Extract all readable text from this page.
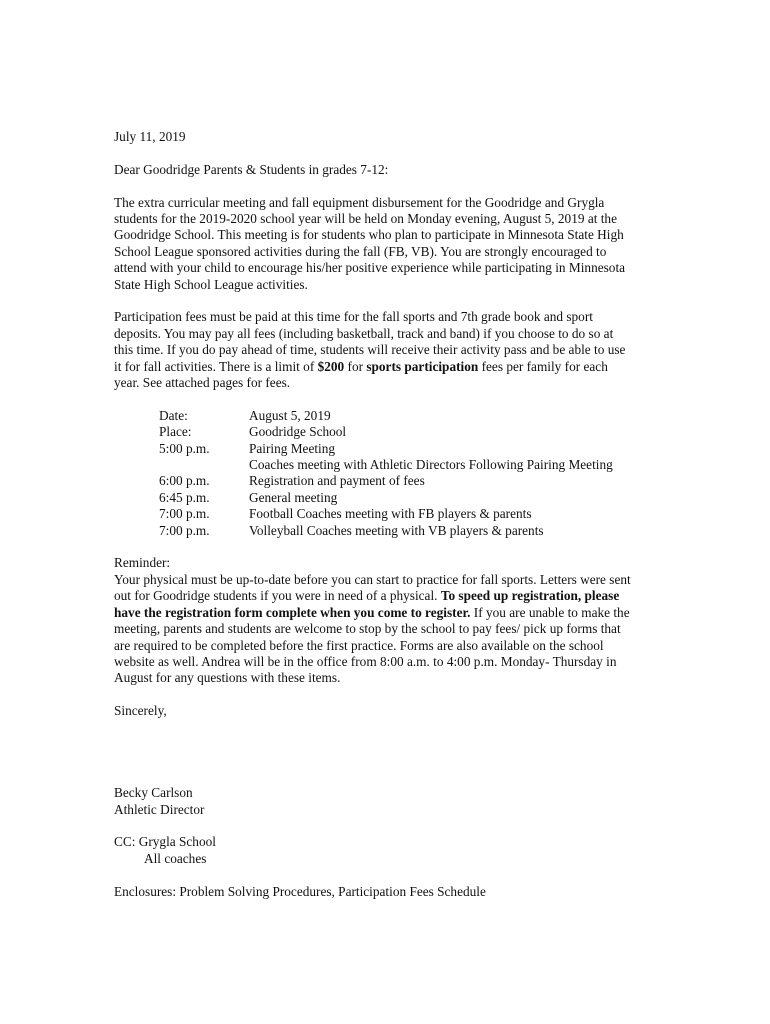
July 11, 2019

Dear Goodridge Parents & Students in grades 7-12:

The extra curricular meeting and fall equipment disbursement for the Goodridge and Grygla
students for the 2019-2020 school year will be held on Monday evening, August 5, 2019 at the
Goodridge School. This meeting is for students who plan to participate in Minnesota State High
School League sponsored activities during the fall (FB, VB). You are strongly encouraged to
attend with your child to encourage his/her positive experience while participating in Minnesota
State High School League activities.

Participation fees must be paid at this time for the fall sports and 7th grade book and sport
deposits. You may pay all fees (including basketball, track and band) if you choose to do so at
this time. If you do pay ahead of time, students will receive their activity pass and be able to use
it for fall activities. There is a limit of $200 for sports participation fees per family for each
year. See attached pages for fees.

Date:	August 5, 2019
Place:	Goodridge School
5:00 p.m.	Pairing Meeting
Coaches meeting with Athletic Directors Following Pairing Meeting
6:00 p.m.	Registration and payment of fees
6:45 p.m.	General meeting
7:00 p.m.	Football Coaches meeting with FB players & parents
7:00 p.m.	Volleyball Coaches meeting with VB players & parents

Reminder:
Your physical must be up-to-date before you can start to practice for fall sports. Letters were sent
out for Goodridge students if you were in need of a physical. To speed up registration, please
have the registration form complete when you come to register. If you are unable to make the
meeting, parents and students are welcome to stop by the school to pay fees/ pick up forms that
are required to be completed before the first practice. Forms are also available on the school
website as well. Andrea will be in the office from 8:00 a.m. to 4:00 p.m. Monday- Thursday in
August for any questions with these items.

Sincerely,

Becky Carlson

Athletic Director

CC: Grygla School

All coaches

Enclosures: Problem Solving Procedures, Participation Fees Schedule
